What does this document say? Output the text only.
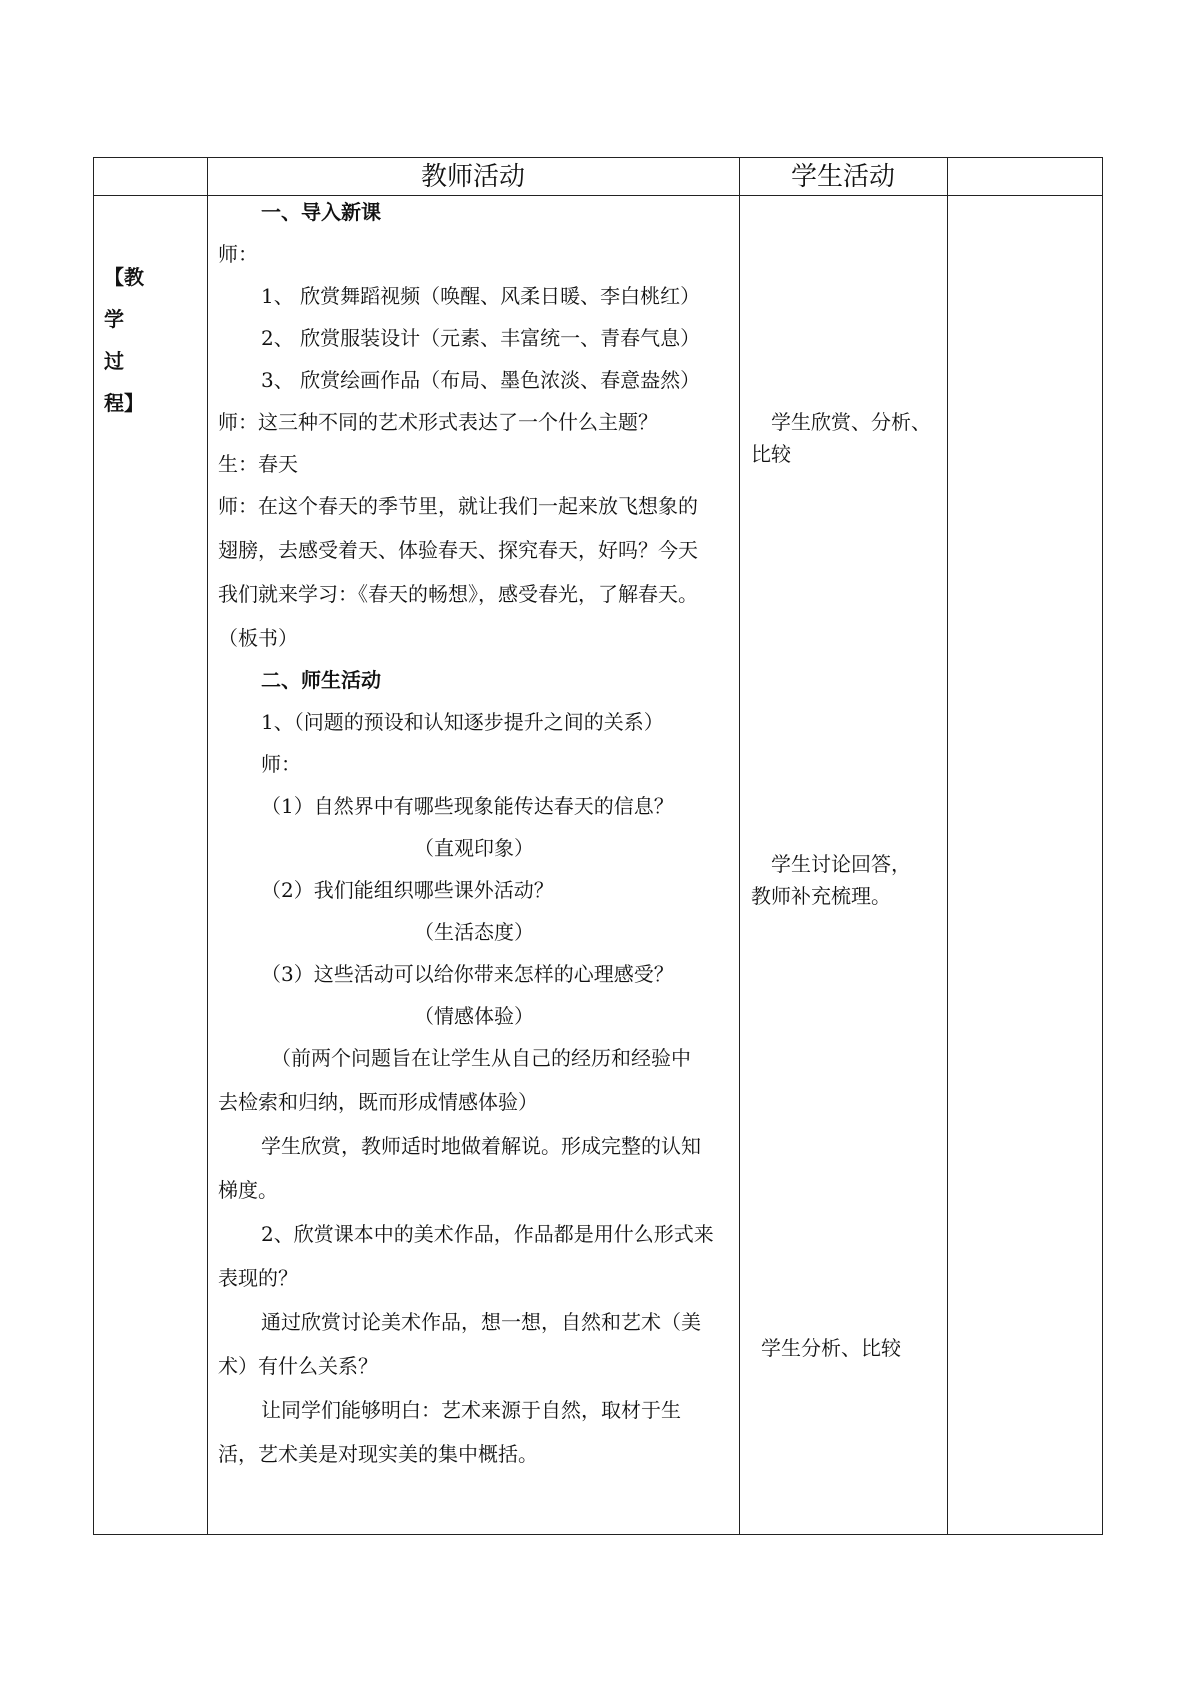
教师活动	学生活动
【教
学
过
程】
一、导入新课
师：
1、 欣赏舞蹈视频（唤醒、风柔日暖、李白桃红）
2、 欣赏服装设计（元素、丰富统一、青春气息）
3、 欣赏绘画作品（布局、墨色浓淡、春意盎然）
师：这三种不同的艺术形式表达了一个什么主题？
生：春天
师：在这个春天的季节里，就让我们一起来放飞想象的
翅膀，去感受着天、体验春天、探究春天，好吗？今天
我们就来学习：《春天的畅想》，感受春光，了解春天。
（板书）
二、师生活动
1、（问题的预设和认知逐步提升之间的关系）
师：
（1）自然界中有哪些现象能传达春天的信息？
（直观印象）
（2）我们能组织哪些课外活动？
（生活态度）
（3）这些活动可以给你带来怎样的心理感受？
（情感体验）
（前两个问题旨在让学生从自己的经历和经验中
去检索和归纳，既而形成情感体验）
学生欣赏，教师适时地做着解说。形成完整的认知
梯度。
2、欣赏课本中的美术作品，作品都是用什么形式来
表现的？
通过欣赏讨论美术作品，想一想，自然和艺术（美
术）有什么关系？
让同学们能够明白：艺术来源于自然，取材于生
活，艺术美是对现实美的集中概括。
学生欣赏、分析、
比较
学生讨论回答，
教师补充梳理。
学生分析、比较
